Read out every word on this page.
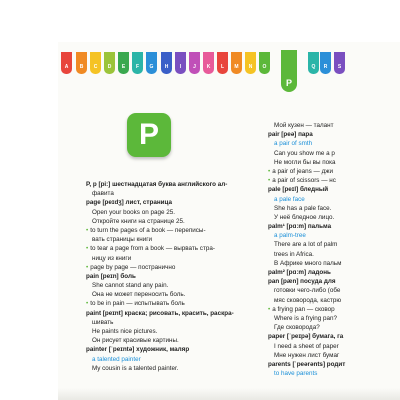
A	B	C	D	E	F	G	H	I	J	K	L	M	N	O	Q	R	S
P
P
P, p [pi:] шестнадцатая буква английского ал-
фавита
page [peɪdʒ] лист, страница
Open your books on page 25.
Откройте книги на странице 25.
• to turn the pages of a book — переписы-
вать страницы книги
• to tear a page from a book — вырвать стра-
ницу из книги
• page by page — постранично
pain [peɪn] боль
She cannot stand any pain.
Она не может переносить боль.
• to be in pain — испытывать боль
paint [peɪnt] краска; рисовать, красить, раскра-
шивать
He paints nice pictures.
Он рисует красивые картины.
painter [ˈpeɪntə] художник, маляр
a talented painter
My cousin is a talented painter.
Мой кузен — талант
pair [peə] пара
a pair of smth
Can you show me a p
Не могли бы вы пока
• a pair of jeans — джи
• a pair of scissors — нс
pale [peɪl] бледный
a pale face
She has a pale face.
У неё бледное лицо.
palm¹ [pɑːm] пальма
a palm-tree
There are a lot of palm
trees in Africa.
В Африке много пальм
palm² [pɑːm] ладонь
pan [pæn] посуда для
готовки чего-либо (обе
мяс сковорода, кастрю
• a frying pan — сковор
Where is a frying pan?
Где сковорода?
paper [ˈpeɪpə] бумага, га
I need a sheet of paper
Мне нужен лист бумаг
parents [ˈpeərənts] родит
to have parents
